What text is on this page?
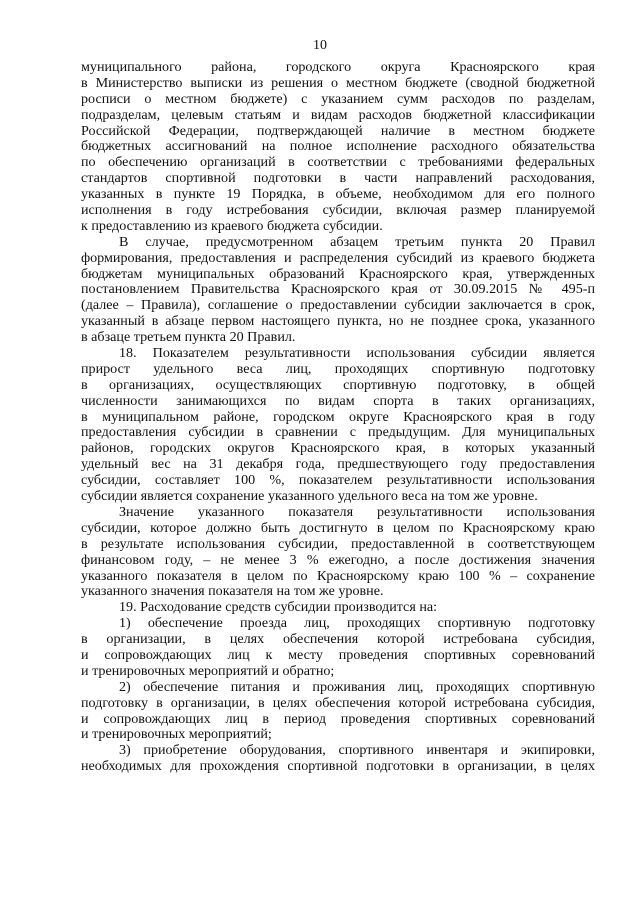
10
муниципального района, городского округа Красноярского края
в Министерство выписки из решения о местном бюджете (сводной бюджетной
росписи о местном бюджете) с указанием сумм расходов по разделам,
подразделам, целевым статьям и видам расходов бюджетной классификации
Российской Федерации, подтверждающей наличие в местном бюджете
бюджетных ассигнований на полное исполнение расходного обязательства
по обеспечению организаций в соответствии с требованиями федеральных
стандартов спортивной подготовки в части направлений расходования,
указанных в пункте 19 Порядка, в объеме, необходимом для его полного
исполнения в году истребования субсидии, включая размер планируемой
к предоставлению из краевого бюджета субсидии.
В случае, предусмотренном абзацем третьим пункта 20 Правил
формирования, предоставления и распределения субсидий из краевого бюджета
бюджетам муниципальных образований Красноярского края, утвержденных
постановлением Правительства Красноярского края от 30.09.2015 № 495-п
(далее – Правила), соглашение о предоставлении субсидии заключается в срок,
указанный в абзаце первом настоящего пункта, но не позднее срока, указанного
в абзаце третьем пункта 20 Правил.
18. Показателем результативности использования субсидии является
прирост удельного веса лиц, проходящих спортивную подготовку
в организациях, осуществляющих спортивную подготовку, в общей
численности занимающихся по видам спорта в таких организациях,
в муниципальном районе, городском округе Красноярского края в году
предоставления субсидии в сравнении с предыдущим. Для муниципальных
районов, городских округов Красноярского края, в которых указанный
удельный вес на 31 декабря года, предшествующего году предоставления
субсидии, составляет 100 %, показателем результативности использования
субсидии является сохранение указанного удельного веса на том же уровне.
Значение указанного показателя результативности использования
субсидии, которое должно быть достигнуто в целом по Красноярскому краю
в результате использования субсидии, предоставленной в соответствующем
финансовом году, – не менее 3 % ежегодно, а после достижения значения
указанного показателя в целом по Красноярскому краю 100 % – сохранение
указанного значения показателя на том же уровне.
19. Расходование средств субсидии производится на:
1) обеспечение проезда лиц, проходящих спортивную подготовку
в организации, в целях обеспечения которой истребована субсидия,
и сопровождающих лиц к месту проведения спортивных соревнований
и тренировочных мероприятий и обратно;
2) обеспечение питания и проживания лиц, проходящих спортивную
подготовку в организации, в целях обеспечения которой истребована субсидия,
и сопровождающих лиц в период проведения спортивных соревнований
и тренировочных мероприятий;
3) приобретение оборудования, спортивного инвентаря и экипировки,
необходимых для прохождения спортивной подготовки в организации, в целях
